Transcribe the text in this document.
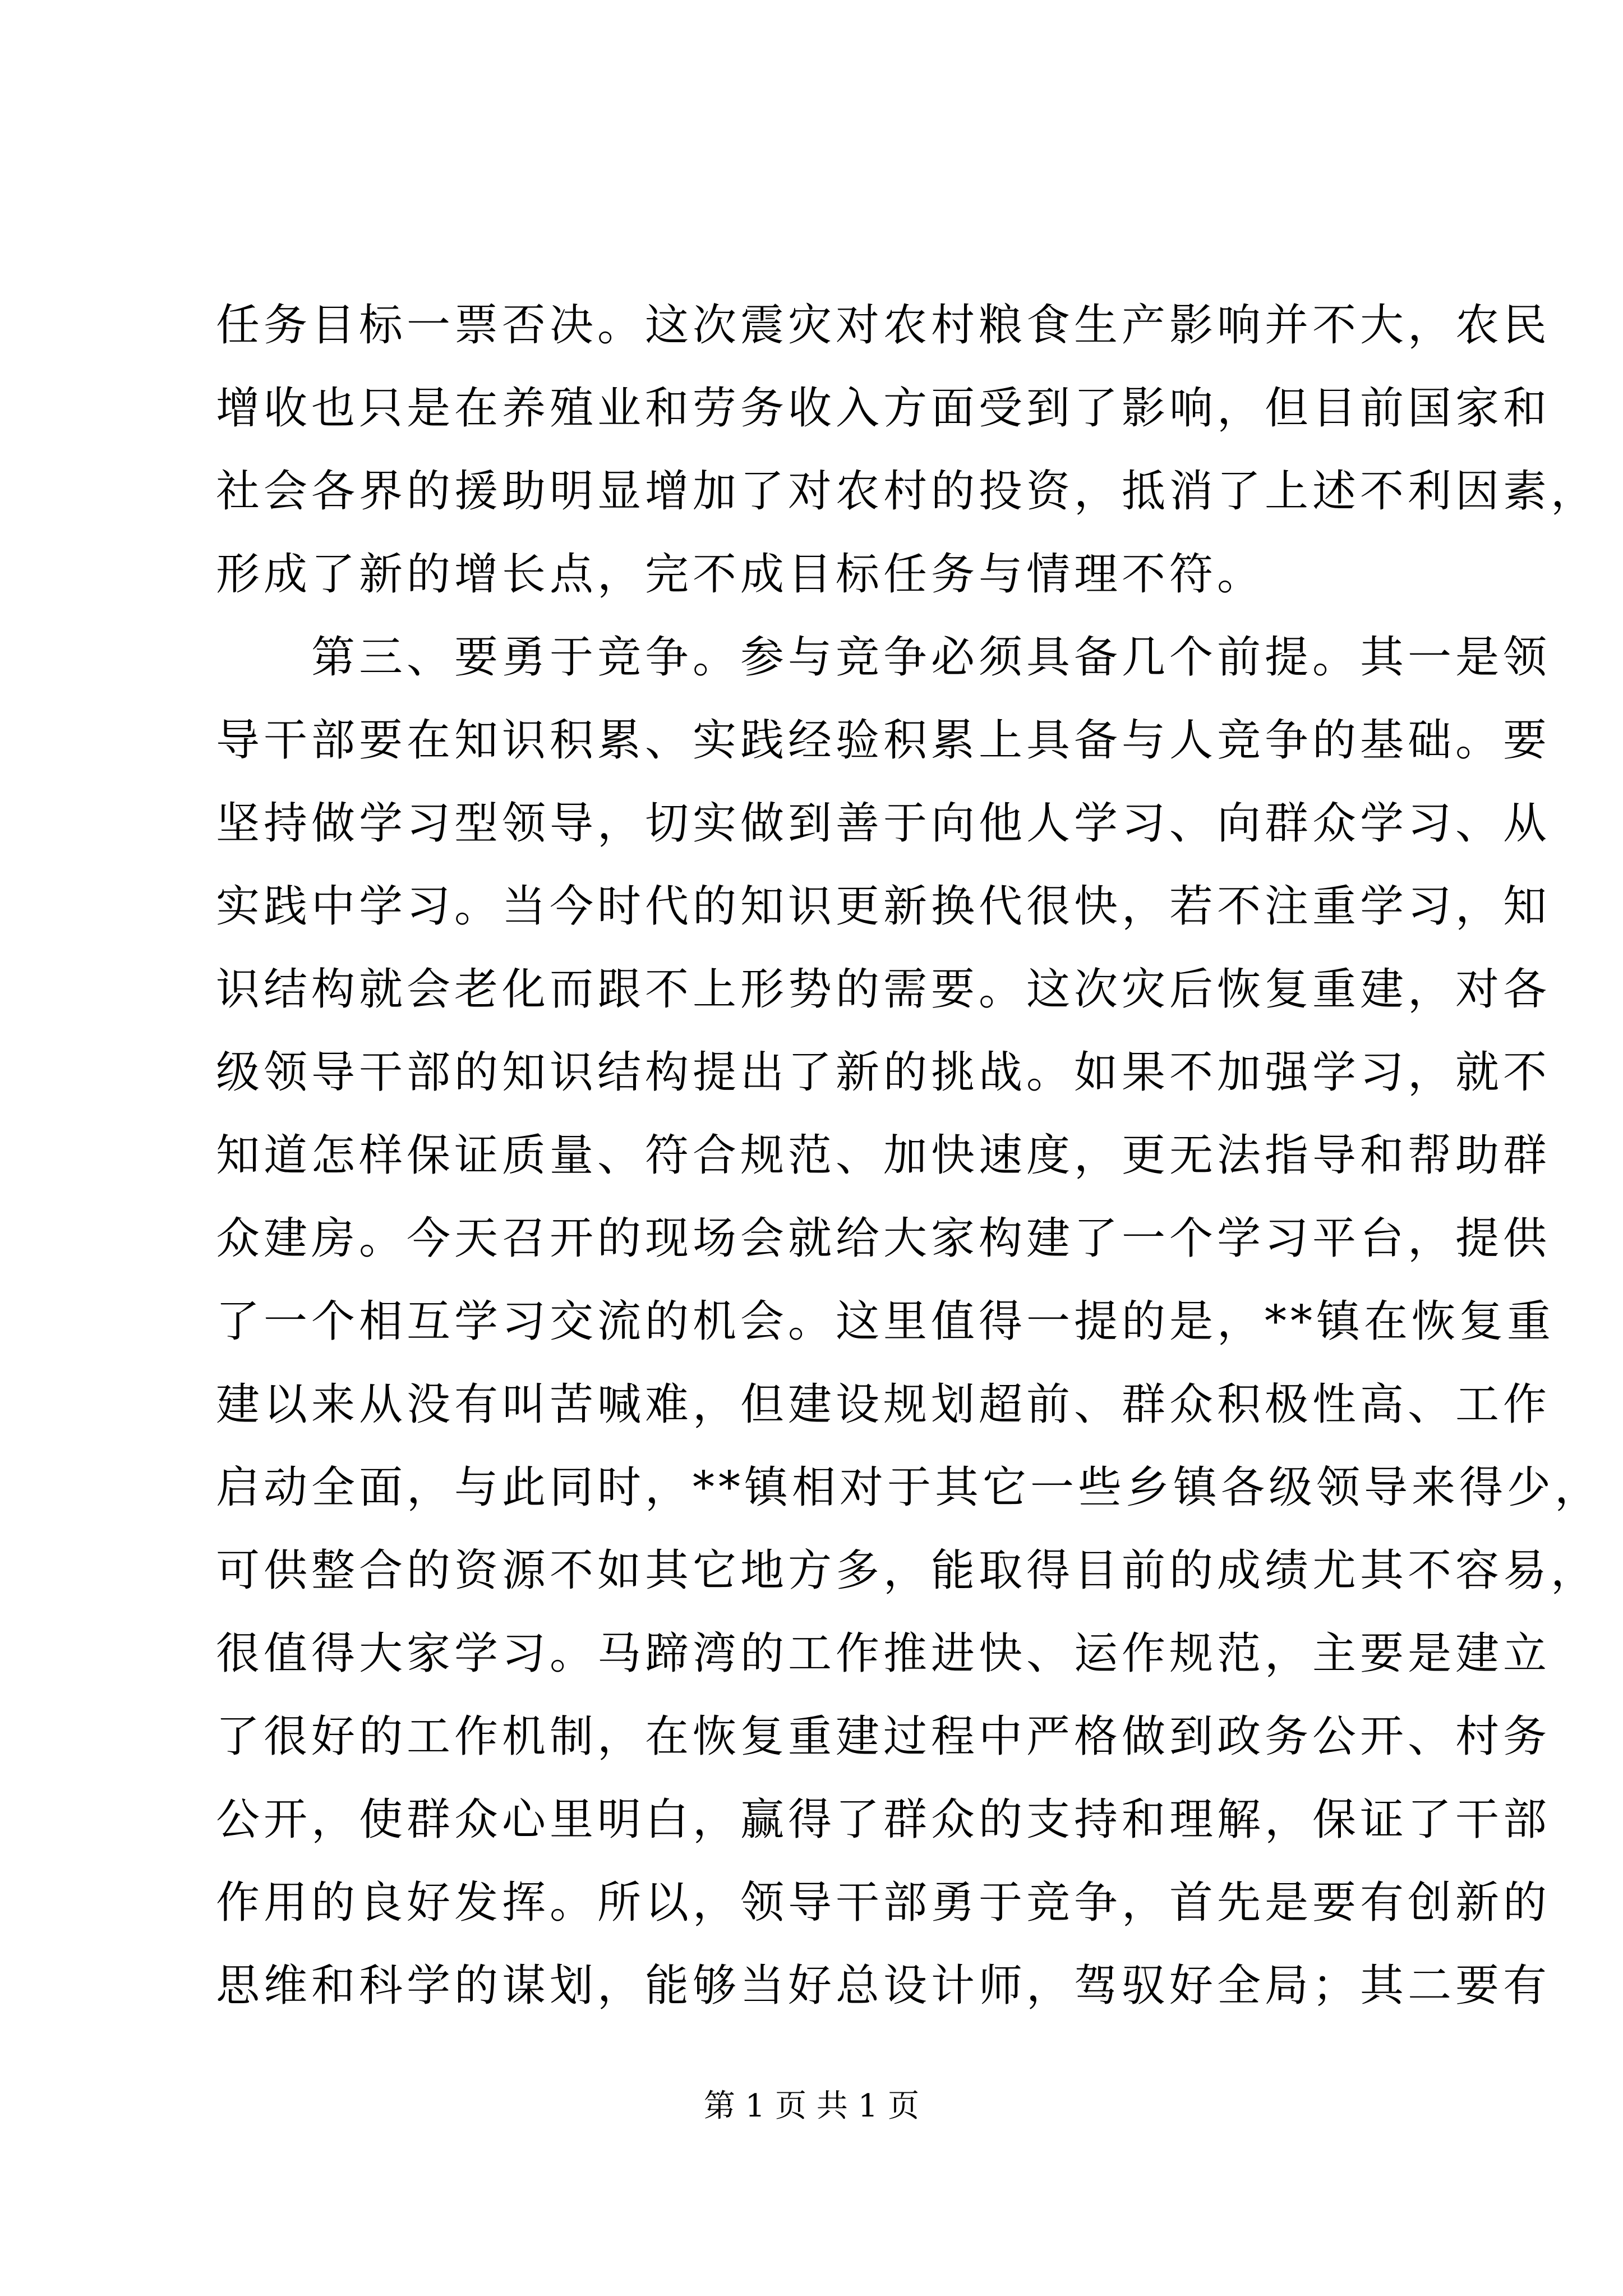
任务目标一票否决。这次震灾对农村粮食生产影响并不大，农民
增收也只是在养殖业和劳务收入方面受到了影响，但目前国家和
社会各界的援助明显增加了对农村的投资，抵消了上述不利因素，
形成了新的增长点，完不成目标任务与情理不符。
　　第三、要勇于竞争。参与竞争必须具备几个前提。其一是领
导干部要在知识积累、实践经验积累上具备与人竞争的基础。要
坚持做学习型领导，切实做到善于向他人学习、向群众学习、从
实践中学习。当今时代的知识更新换代很快，若不注重学习，知
识结构就会老化而跟不上形势的需要。这次灾后恢复重建，对各
级领导干部的知识结构提出了新的挑战。如果不加强学习，就不
知道怎样保证质量、符合规范、加快速度，更无法指导和帮助群
众建房。今天召开的现场会就给大家构建了一个学习平台，提供
了一个相互学习交流的机会。这里值得一提的是，**镇在恢复重
建以来从没有叫苦喊难，但建设规划超前、群众积极性高、工作
启动全面，与此同时，**镇相对于其它一些乡镇各级领导来得少，
可供整合的资源不如其它地方多，能取得目前的成绩尤其不容易，
很值得大家学习。马蹄湾的工作推进快、运作规范，主要是建立
了很好的工作机制，在恢复重建过程中严格做到政务公开、村务
公开，使群众心里明白，赢得了群众的支持和理解，保证了干部
作用的良好发挥。所以，领导干部勇于竞争，首先是要有创新的
思维和科学的谋划，能够当好总设计师，驾驭好全局；其二要有
第 1 页 共 1 页
